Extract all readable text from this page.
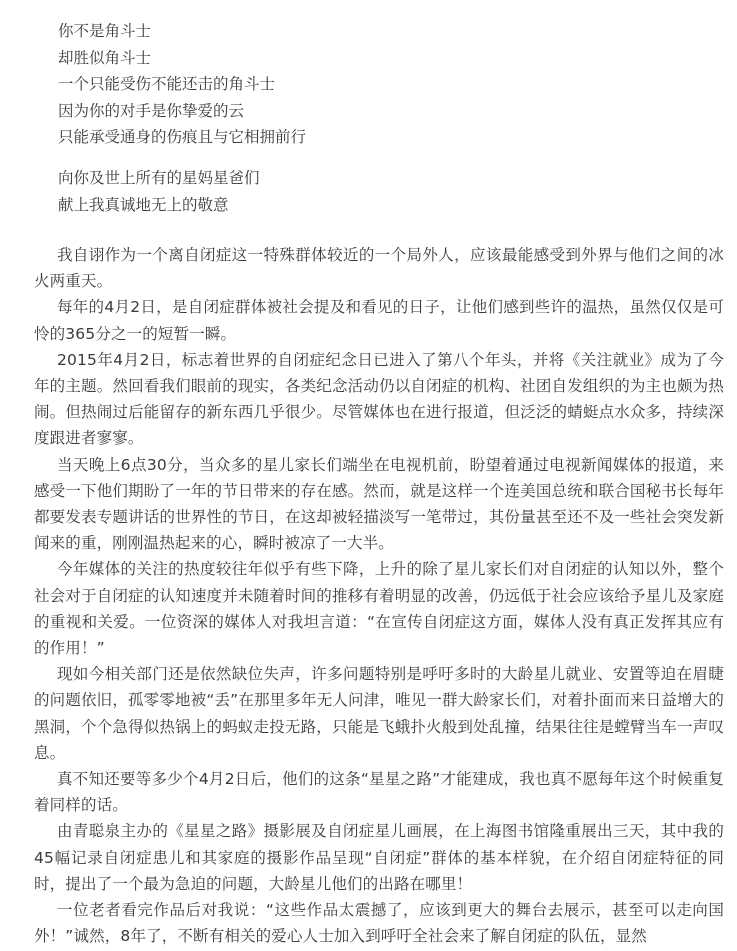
你不是角斗士

却胜似角斗士

一个只能受伤不能还击的角斗士

因为你的对手是你挚爱的云

只能承受通身的伤痕且与它相拥前行

向你及世上所有的星妈星爸们

献上我真诚地无上的敬意

我自诩作为一个离自闭症这一特殊群体较近的一个局外人，应该最能感受到外界与他们之间的冰火两重天。

每年的4月2日，是自闭症群体被社会提及和看见的日子，让他们感到些许的温热，虽然仅仅是可怜的365分之一的短暂一瞬。

2015年4月2日，标志着世界的自闭症纪念日已进入了第八个年头，并将《关注就业》成为了今年的主题。然回看我们眼前的现实，各类纪念活动仍以自闭症的机构、社团自发组织的为主也颇为热闹。但热闹过后能留存的新东西几乎很少。尽管媒体也在进行报道，但泛泛的蜻蜓点水众多，持续深度跟进者寥寥。

当天晚上6点30分，当众多的星儿家长们端坐在电视机前，盼望着通过电视新闻媒体的报道，来感受一下他们期盼了一年的节日带来的存在感。然而，就是这样一个连美国总统和联合国秘书长每年都要发表专题讲话的世界性的节日，在这却被轻描淡写一笔带过，其份量甚至还不及一些社会突发新闻来的重，刚刚温热起来的心，瞬时被凉了一大半。

今年媒体的关注的热度较往年似乎有些下降，上升的除了星儿家长们对自闭症的认知以外，整个社会对于自闭症的认知速度并未随着时间的推移有着明显的改善，仍远低于社会应该给予星儿及家庭的重视和关爱。一位资深的媒体人对我坦言道：“在宣传自闭症这方面，媒体人没有真正发挥其应有的作用！”

现如今相关部门还是依然缺位失声，许多问题特别是呼吁多时的大龄星儿就业、安置等迫在眉睫的问题依旧，孤零零地被“丢”在那里多年无人问津，唯见一群大龄家长们，对着扑面而来日益增大的黑洞，个个急得似热锅上的蚂蚁走投无路，只能是飞蛾扑火般到处乱撞，结果往往是螳臂当车一声叹息。

真不知还要等多少个4月2日后，他们的这条“星星之路”才能建成，我也真不愿每年这个时候重复着同样的话。

由青聪泉主办的《星星之路》摄影展及自闭症星儿画展，在上海图书馆隆重展出三天，其中我的45幅记录自闭症患儿和其家庭的摄影作品呈现“自闭症”群体的基本样貌，在介绍自闭症特征的同时，提出了一个最为急迫的问题，大龄星儿他们的出路在哪里！

一位老者看完作品后对我说：“这些作品太震撼了，应该到更大的舞台去展示，甚至可以走向国外！”诚然，8年了，不断有相关的爱心人士加入到呼吁全社会来了解自闭症的队伍，显然
